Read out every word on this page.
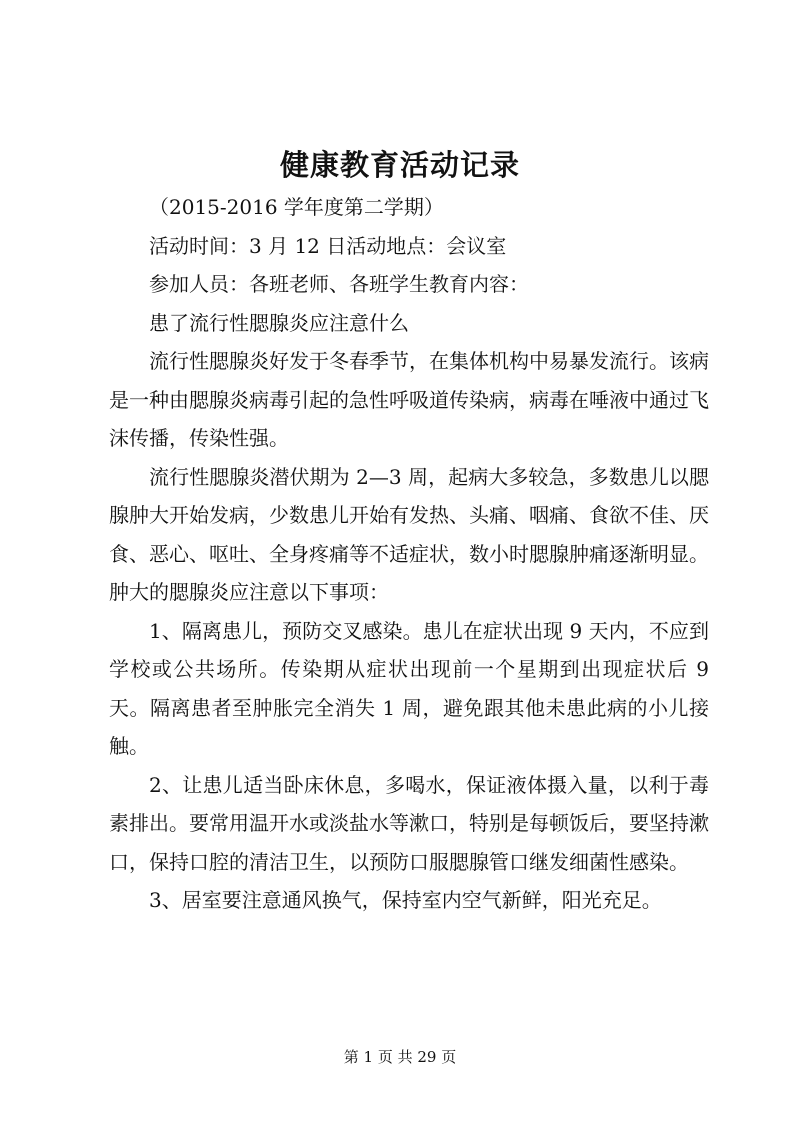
健康教育活动记录

（2015-2016 学年度第二学期）

活动时间：3 月 12 日活动地点：会议室

参加人员：各班老师、各班学生教育内容：

患了流行性腮腺炎应注意什么

流行性腮腺炎好发于冬春季节，在集体机构中易暴发流行。该病是一种由腮腺炎病毒引起的急性呼吸道传染病，病毒在唾液中通过飞沫传播，传染性强。

流行性腮腺炎潜伏期为 2—3 周，起病大多较急，多数患儿以腮腺肿大开始发病，少数患儿开始有发热、头痛、咽痛、食欲不佳、厌食、恶心、呕吐、全身疼痛等不适症状，数小时腮腺肿痛逐渐明显。肿大的腮腺炎应注意以下事项：

1、隔离患儿，预防交叉感染。患儿在症状出现 9 天内，不应到学校或公共场所。传染期从症状出现前一个星期到出现症状后 9 天。隔离患者至肿胀完全消失 1 周，避免跟其他未患此病的小儿接触。

2、让患儿适当卧床休息，多喝水，保证液体摄入量，以利于毒素排出。要常用温开水或淡盐水等漱口，特别是每顿饭后，要坚持漱口，保持口腔的清洁卫生，以预防口服腮腺管口继发细菌性感染。

3、居室要注意通风换气，保持室内空气新鲜，阳光充足。

第 1 页 共 29 页
